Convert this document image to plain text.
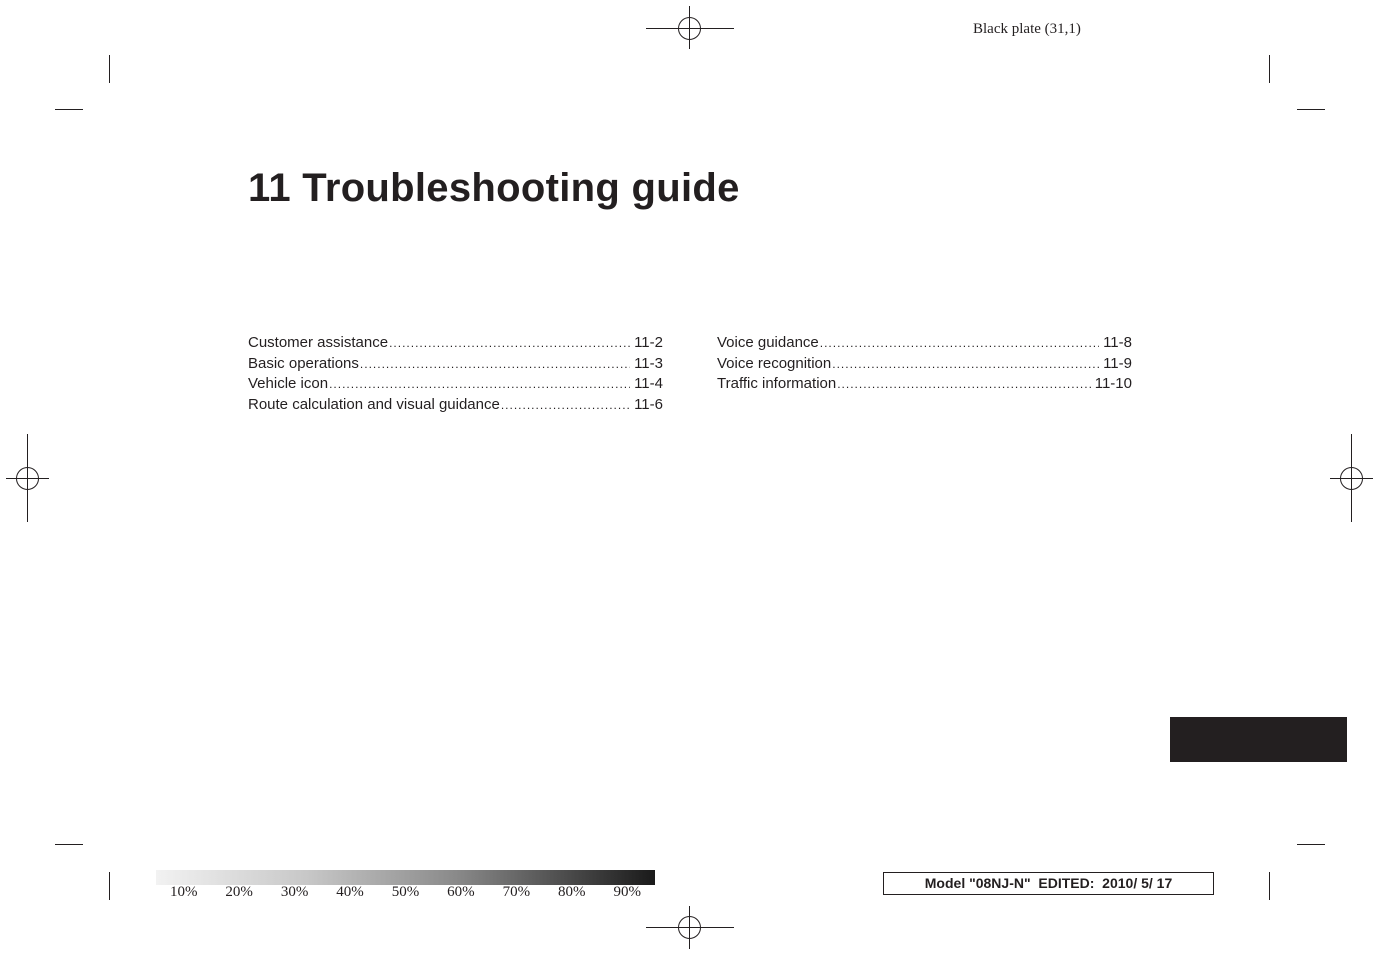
Black plate (31,1)
11 Troubleshooting guide
Customer assistance .....	11-2
Basic operations .....	11-3
Vehicle icon .....	11-4
Route calculation and visual guidance .....	11-6
Voice guidance .....	11-8
Voice recognition .....	11-9
Traffic information .....	11-10
10% 20% 30% 40% 50% 60% 70% 80% 90%
Model "08NJ-N"  EDITED:  2010/ 5/ 17
